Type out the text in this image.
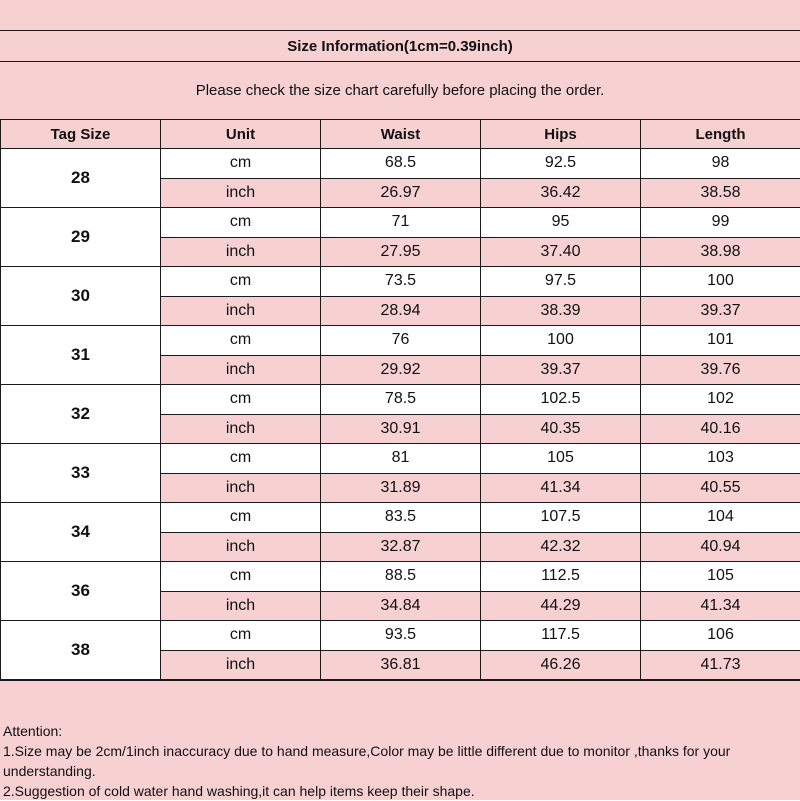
Size Information(1cm=0.39inch)
Please check the size chart carefully before placing the order.
Tag Size	Unit	Waist	Hips	Length
28	cm	68.5	92.5	98
	inch	26.97	36.42	38.58
29	cm	71	95	99
	inch	27.95	37.40	38.98
30	cm	73.5	97.5	100
	inch	28.94	38.39	39.37
31	cm	76	100	101
	inch	29.92	39.37	39.76
32	cm	78.5	102.5	102
	inch	30.91	40.35	40.16
33	cm	81	105	103
	inch	31.89	41.34	40.55
34	cm	83.5	107.5	104
	inch	32.87	42.32	40.94
36	cm	88.5	112.5	105
	inch	34.84	44.29	41.34
38	cm	93.5	117.5	106
	inch	36.81	46.26	41.73
Attention:
1.Size may be 2cm/1inch inaccuracy due to hand measure,Color may be little different due to monitor ,thanks for your understanding.
2.Suggestion of cold water hand washing,it can help items keep their shape.
